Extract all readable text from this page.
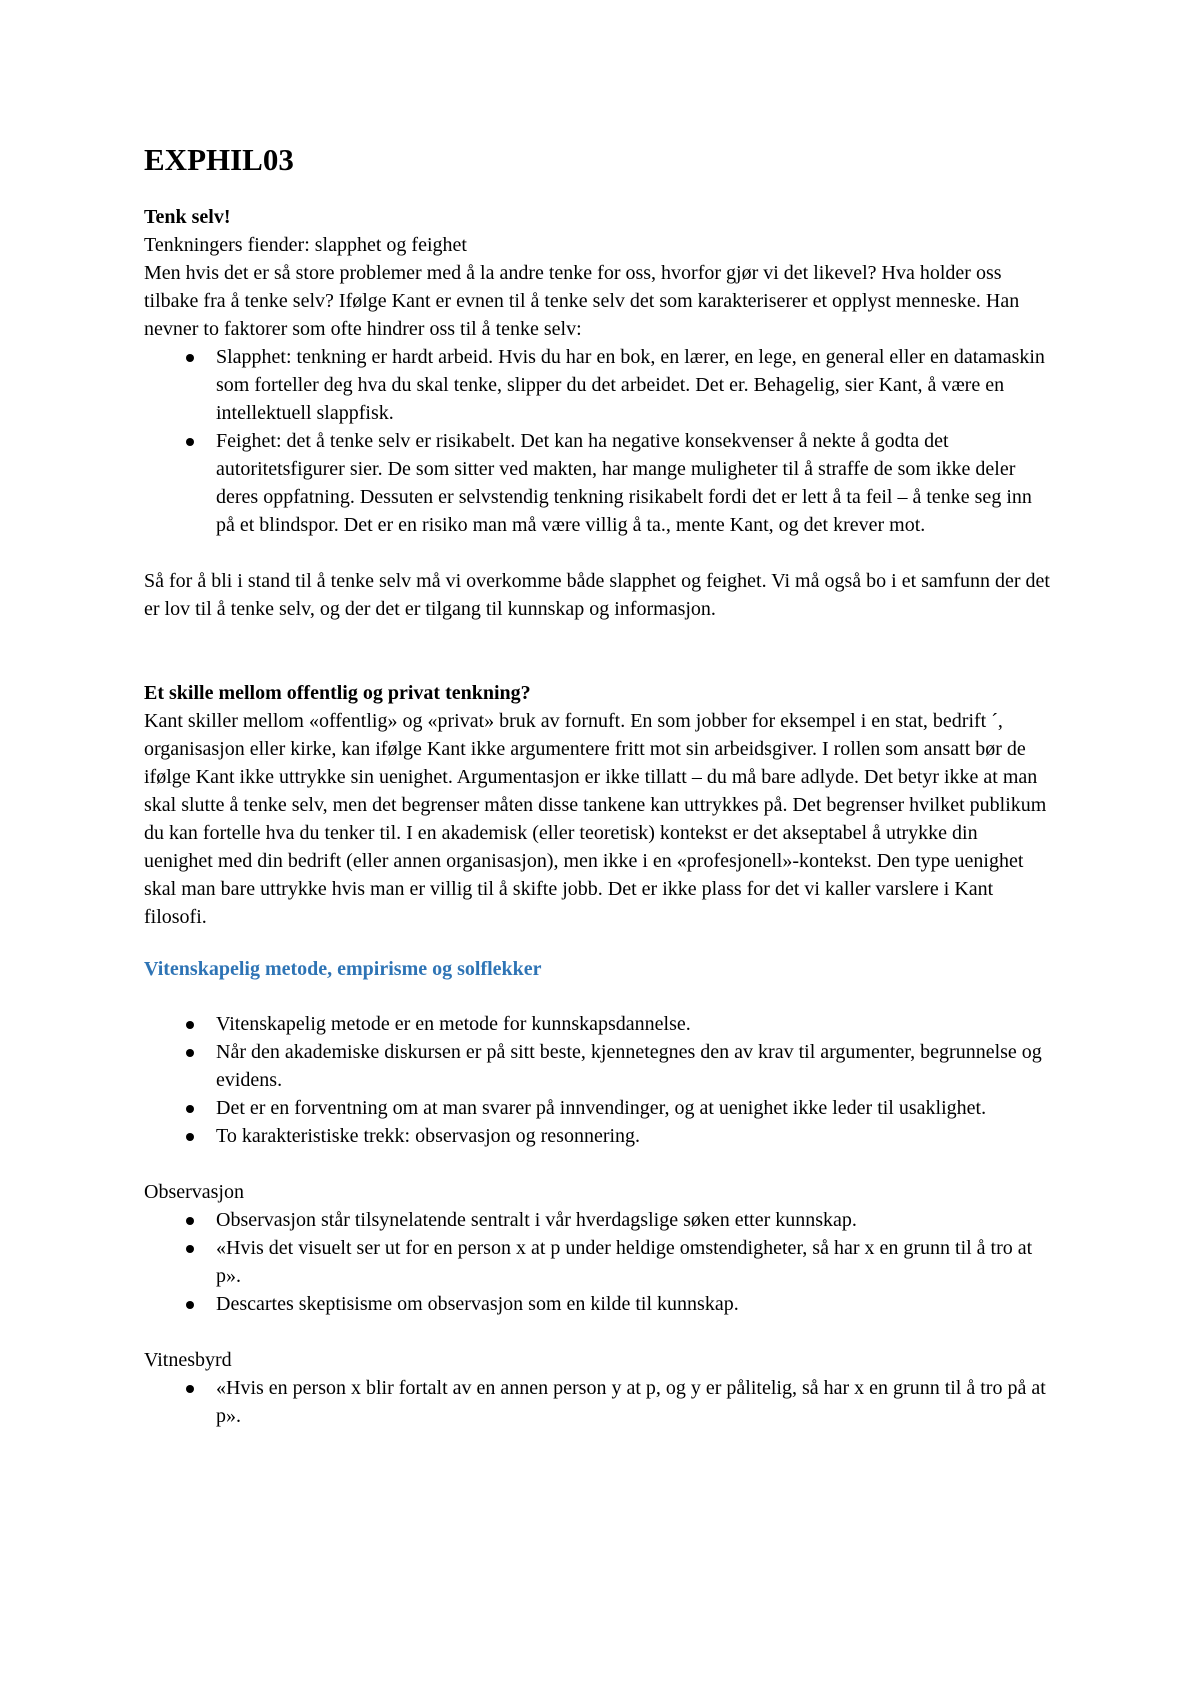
EXPHIL03

Tenk selv!

Tenkningers fiender: slapphet og feighet

Men hvis det er så store problemer med å la andre tenke for oss, hvorfor gjør vi det likevel? Hva holder oss tilbake fra å tenke selv? Ifølge Kant er evnen til å tenke selv det som karakteriserer et opplyst menneske. Han nevner to faktorer som ofte hindrer oss til å tenke selv:

Slapphet: tenkning er hardt arbeid. Hvis du har en bok, en lærer, en lege, en general eller en datamaskin som forteller deg hva du skal tenke, slipper du det arbeidet. Det er. Behagelig, sier Kant, å være en intellektuell slappfisk.
Feighet: det å tenke selv er risikabelt. Det kan ha negative konsekvenser å nekte å godta det autoritetsfigurer sier. De som sitter ved makten, har mange muligheter til å straffe de som ikke deler deres oppfatning. Dessuten er selvstendig tenkning risikabelt fordi det er lett å ta feil – å tenke seg inn på et blindspor. Det er en risiko man må være villig å ta., mente Kant, og det krever mot.

Så for å bli i stand til å tenke selv må vi overkomme både slapphet og feighet. Vi må også bo i et samfunn der det er lov til å tenke selv, og der det er tilgang til kunnskap og informasjon.

Et skille mellom offentlig og privat tenkning?

Kant skiller mellom «offentlig» og «privat» bruk av fornuft. En som jobber for eksempel i en stat, bedrift ´, organisasjon eller kirke, kan ifølge Kant ikke argumentere fritt mot sin arbeidsgiver. I rollen som ansatt bør de ifølge Kant ikke uttrykke sin uenighet. Argumentasjon er ikke tillatt – du må bare adlyde. Det betyr ikke at man skal slutte å tenke selv, men det begrenser måten disse tankene kan uttrykkes på. Det begrenser hvilket publikum du kan fortelle hva du tenker til. I en akademisk (eller teoretisk) kontekst er det akseptabel å utrykke din uenighet med din bedrift (eller annen organisasjon), men ikke i en «profesjonell»-kontekst. Den type uenighet skal man bare uttrykke hvis man er villig til å skifte jobb. Det er ikke plass for det vi kaller varslere i Kant filosofi.

Vitenskapelig metode, empirisme og solflekker

Vitenskapelig metode er en metode for kunnskapsdannelse.
Når den akademiske diskursen er på sitt beste, kjennetegnes den av krav til argumenter, begrunnelse og evidens.
Det er en forventning om at man svarer på innvendinger, og at uenighet ikke leder til usaklighet.
To karakteristiske trekk: observasjon og resonnering.

Observasjon

Observasjon står tilsynelatende sentralt i vår hverdagslige søken etter kunnskap.
«Hvis det visuelt ser ut for en person x at p under heldige omstendigheter, så har x en grunn til å tro at p».
Descartes skeptisisme om observasjon som en kilde til kunnskap.

Vitnesbyrd

«Hvis en person x blir fortalt av en annen person y at p, og y er pålitelig, så har x en grunn til å tro på at p».
